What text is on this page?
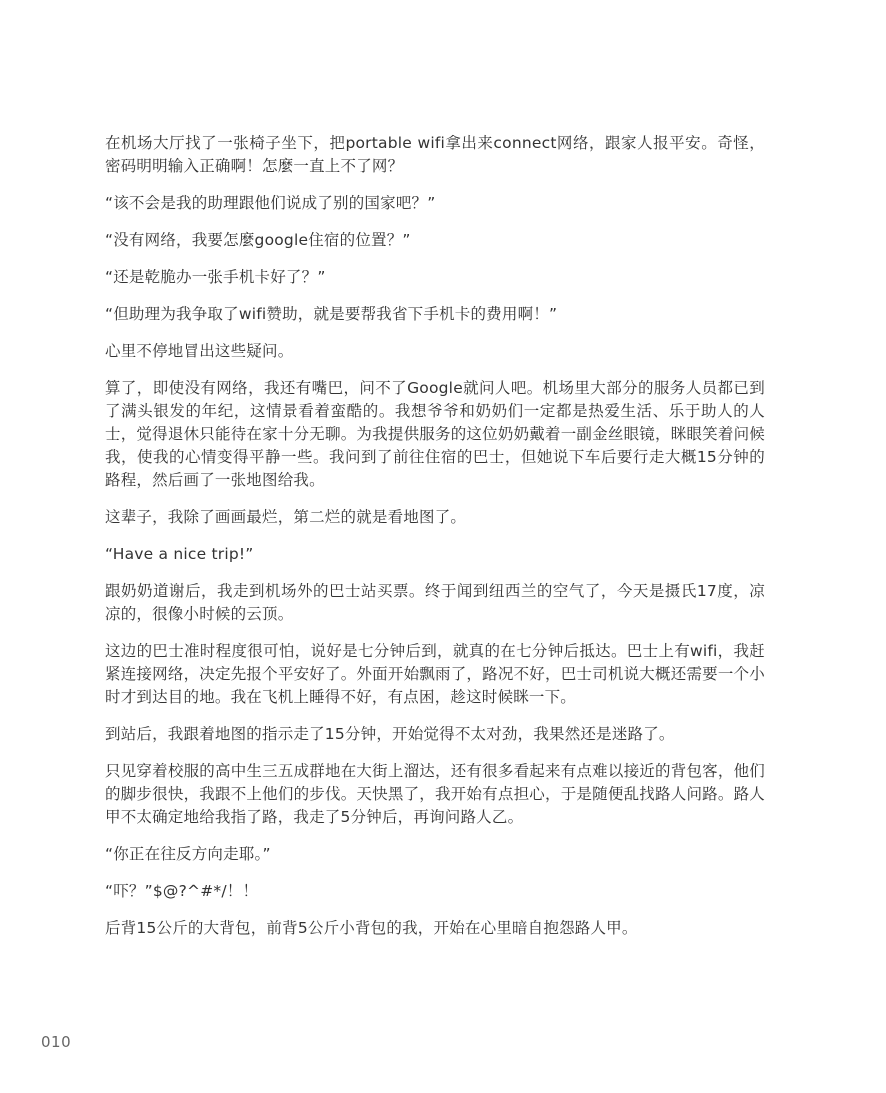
在机场大厅找了一张椅子坐下，把portable wifi拿出来connect网络，跟家人报平安。奇怪，密码明明输入正确啊！怎麼一直上不了网？

“该不会是我的助理跟他们说成了别的国家吧？”

“没有网络，我要怎麼google住宿的位置？”

“还是乾脆办一张手机卡好了？”

“但助理为我争取了wifi赞助，就是要帮我省下手机卡的费用啊！”

心里不停地冒出这些疑问。

算了，即使没有网络，我还有嘴巴，问不了Google就问人吧。机场里大部分的服务人员都已到了满头银发的年纪，这情景看着蛮酷的。我想爷爷和奶奶们一定都是热爱生活、乐于助人的人士，觉得退休只能待在家十分无聊。为我提供服务的这位奶奶戴着一副金丝眼镜，眯眼笑着问候我，使我的心情变得平静一些。我问到了前往住宿的巴士，但她说下车后要行走大概15分钟的路程，然后画了一张地图给我。

这辈子，我除了画画最烂，第二烂的就是看地图了。

“Have a nice trip!”

跟奶奶道谢后，我走到机场外的巴士站买票。终于闻到纽西兰的空气了，今天是摄氏17度，凉凉的，很像小时候的云顶。

这边的巴士准时程度很可怕，说好是七分钟后到，就真的在七分钟后抵达。巴士上有wifi，我赶紧连接网络，决定先报个平安好了。外面开始飘雨了，路况不好，巴士司机说大概还需要一个小时才到达目的地。我在飞机上睡得不好，有点困，趁这时候眯一下。

到站后，我跟着地图的指示走了15分钟，开始觉得不太对劲，我果然还是迷路了。

只见穿着校服的高中生三五成群地在大街上溜达，还有很多看起来有点难以接近的背包客，他们的脚步很快，我跟不上他们的步伐。天快黑了，我开始有点担心，于是随便乱找路人问路。路人甲不太确定地给我指了路，我走了5分钟后，再询问路人乙。

“你正在往反方向走耶。”

“吓？”$@?^#*/！！

后背15公斤的大背包，前背5公斤小背包的我，开始在心里暗自抱怨路人甲。

010
